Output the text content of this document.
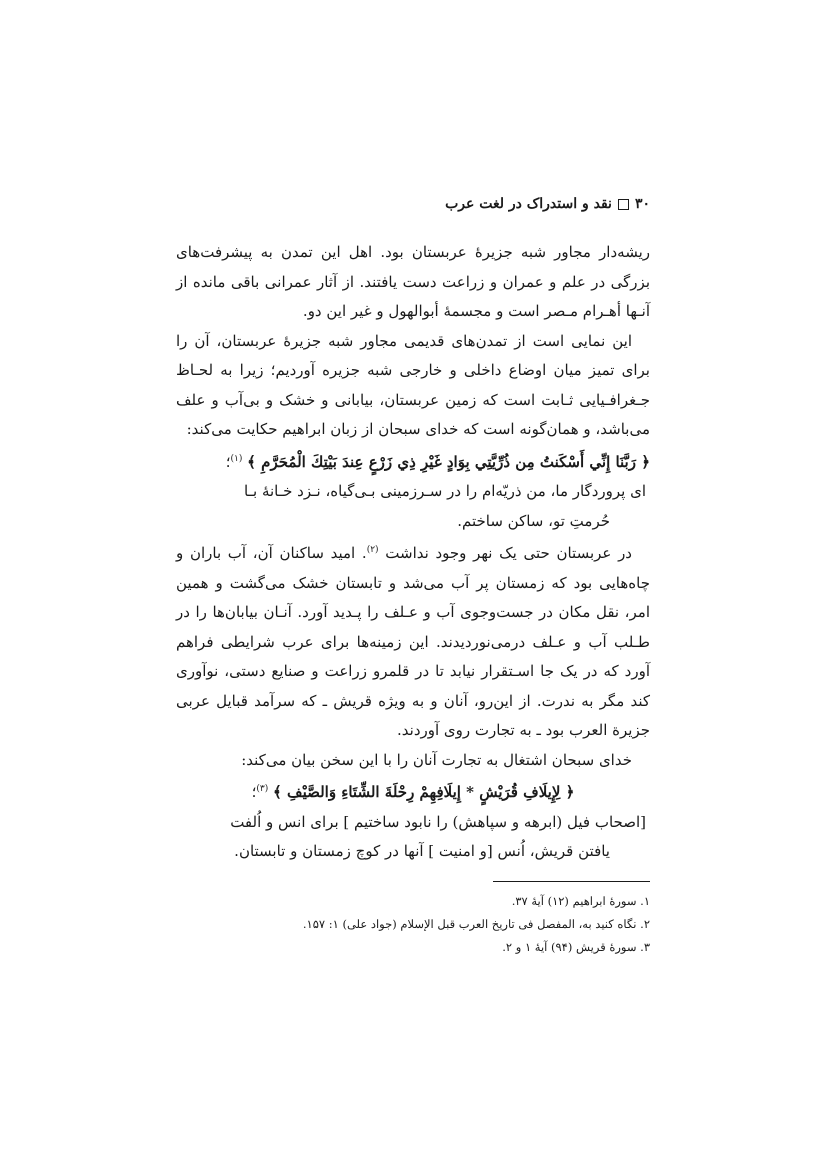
۳۰
نقد و استدراک در لغت عرب

ریشه‌دار مجاور شبه جزیرهٔ عربستان بود. اهل این تمدن به پیشرفت‌های بزرگی در علم و عمران و زراعت دست یافتند. از آثار عمرانی باقی مانده از آنـها أهـرام مـصر است و مجسمهٔ أبوالهول و غیر این دو.

این نمایی است از تمدن‌های قدیمی مجاور شبه جزیرهٔ عربستان، آن را برای تمیز میان اوضاع داخلی و خارجی شبه جزیره آوردیم؛ زیرا به لحـاظ جـغرافـیایی ثـابت است که زمین عربستان، بیابانی و خشک و بی‌آب و علف می‌باشد، و همان‌گونه است که خدای سبحان از زبان ابراهیم حکایت می‌کند:

﴿ رَبَّنَا إِنِّي أَسْكَنتُ مِن ذُرِّيَّتِي بِوَادٍ غَيْرِ ذِي زَرْعٍ عِندَ بَيْتِكَ الْمُحَرَّمِ ﴾ $^{(۱)}$؛

ای پروردگار ما، من ذریّه‌ام را در سـرزمینی بـی‌گیاه، نـزد خـانهٔ بـا

حُرمتِ تو، ساکن ساختم.

در عربستان حتی یک نهر وجود نداشت $^{(۲)}$. امید ساکنان آن، آب باران و چاه‌هایی بود که زمستان پر آب می‌شد و تابستان خشک می‌گشت و همین امر، نقل مکان در جست‌وجوی آب و عـلف را پـدید آورد. آنـان بیابان‌ها را در طـلب آب و عـلف درمی‌نوردیدند. این زمینه‌ها برای عرب شرایطی فراهم آورد که در یک جا اسـتقرار نیابد تا در قلمرو زراعت و صنایع دستی، نوآوری کند مگر به ندرت. از این‌رو، آنان و به ویژه قریش ـ که سرآمد قبایل عربی جزیرة العرب بود ـ به تجارت روی آوردند.

خدای سبحان اشتغال به تجارت آنان را با این سخن بیان می‌کند:

﴿ لِإِيلَافِ قُرَيْشٍ * إِيلَافِهِمْ رِحْلَةَ الشِّتَاءِ وَالصَّيْفِ ﴾ $^{(۳)}$؛

[اصحاب فیل (ابرهه و سپاهش) را نابود ساختیم ] برای انس و اُلفت

یافتن قریش، اُنس [و امنیت ] آنها در کوچ زمستان و تابستان.

۱. سورهٔ ابراهیم (۱۲) آیهٔ ۳۷.
۲. نگاه کنید به، المفصل فی تاریخ العرب قبل الإسلام (جواد علی) ۱: ۱۵۷.
۳. سورهٔ قریش (۹۴) آیهٔ ۱ و ۲.
